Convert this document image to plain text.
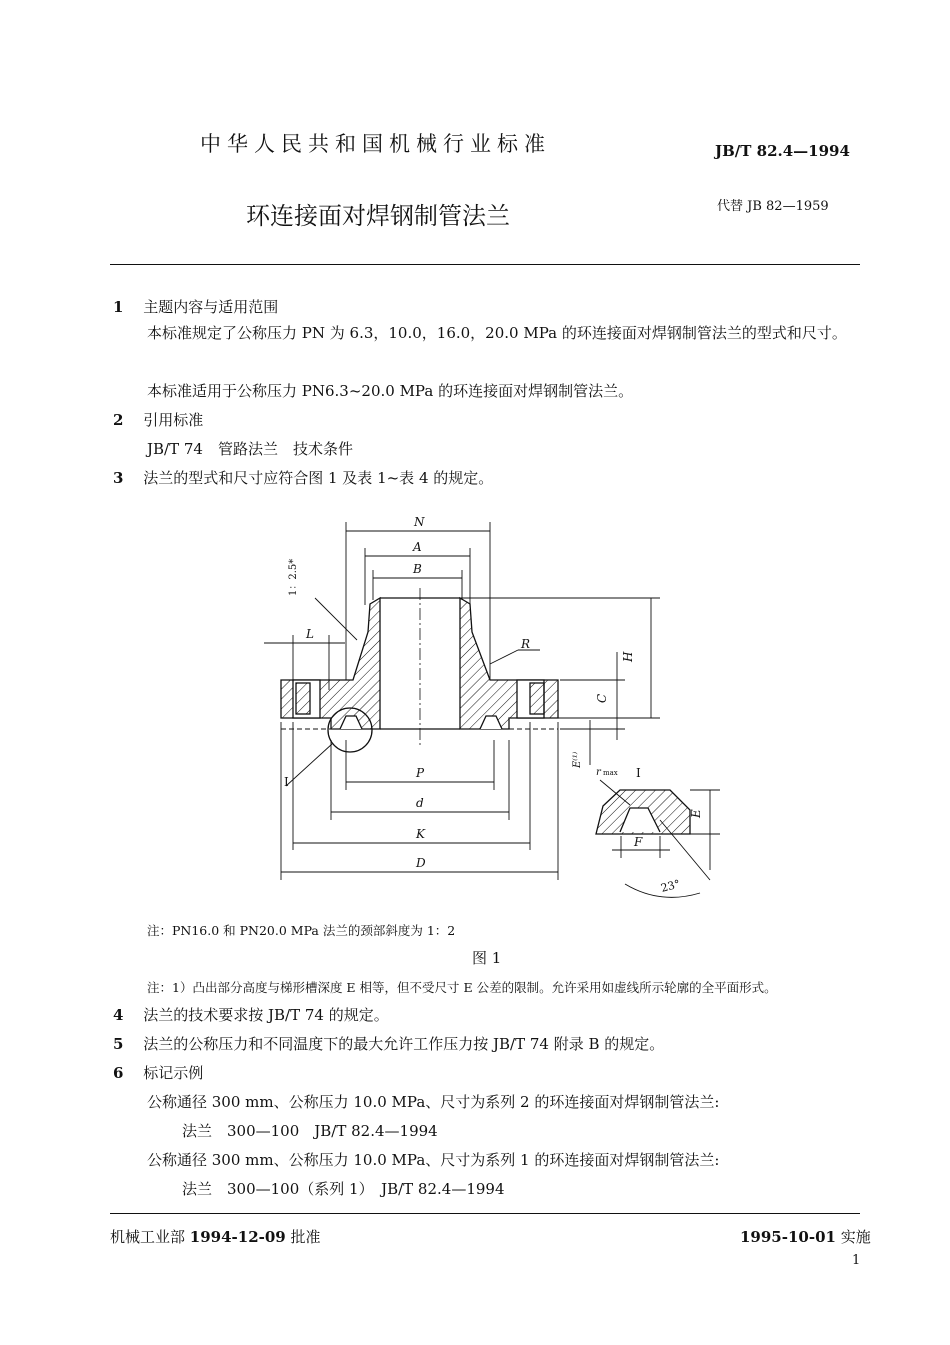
中华人民共和国机械行业标准	JB/T 82.4—1994
环连接面对焊钢制管法兰	代替 JB 82—1959
1　 主题内容与适用范围
本标准规定了公称压力 PN 为 6.3，10.0，16.0，20.0 MPa 的环连接面对焊钢制管法兰的型式和尺寸。
本标准适用于公称压力 PN6.3~20.0 MPa 的环连接面对焊钢制管法兰。
2　 引用标准
JB/T 74　管路法兰　技术条件
3　 法兰的型式和尺寸应符合图 1 及表 1~表 4 的规定。
N
A
B
L
R
H
C
E⁽¹⁾
P
d
K
D
I
I
r max
E
F
23°
1：2.5*
注：PN16.0 和 PN20.0 MPa 法兰的颈部斜度为 1：2
图 1
注：1）凸出部分高度与梯形槽深度 E 相等，但不受尺寸 E 公差的限制。允许采用如虚线所示轮廓的全平面形式。
4　 法兰的技术要求按 JB/T 74 的规定。
5　 法兰的公称压力和不同温度下的最大允许工作压力按 JB/T 74 附录 B 的规定。
6　 标记示例
公称通径 300 mm、公称压力 10.0 MPa、尺寸为系列 2 的环连接面对焊钢制管法兰:
法兰　300—100　JB/T 82.4—1994
公称通径 300 mm、公称压力 10.0 MPa、尺寸为系列 1 的环连接面对焊钢制管法兰:
法兰　300—100（系列 1）　JB/T 82.4—1994
机械工业部 1994-12-09 批准	1995-10-01 实施
1
